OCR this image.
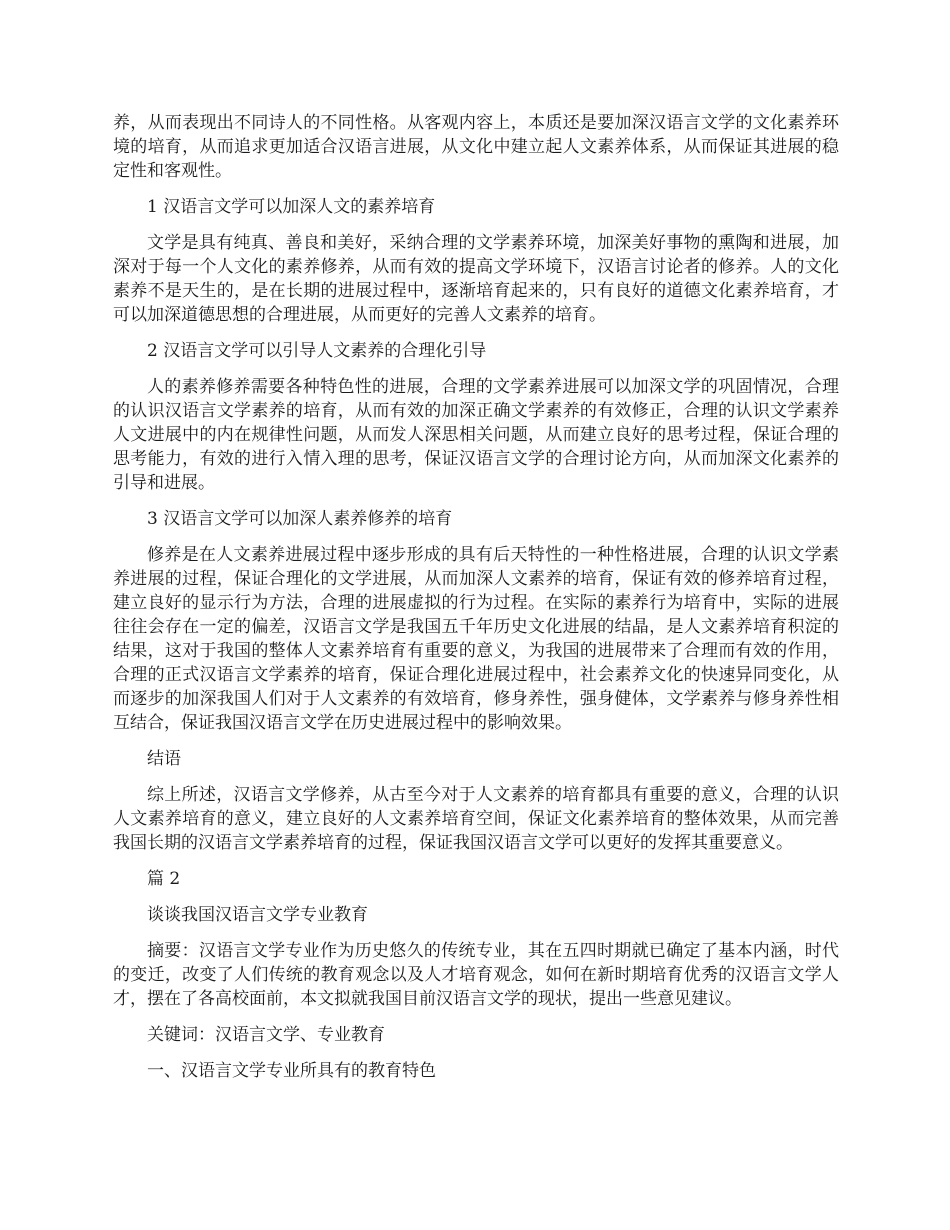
养，从而表现出不同诗人的不同性格。从客观内容上，本质还是要加深汉语言文学的文化素养环境的培育，从而追求更加适合汉语言进展，从文化中建立起人文素养体系，从而保证其进展的稳定性和客观性。

1 汉语言文学可以加深人文的素养培育

文学是具有纯真、善良和美好，采纳合理的文学素养环境，加深美好事物的熏陶和进展，加深对于每一个人文化的素养修养，从而有效的提高文学环境下，汉语言讨论者的修养。人的文化素养不是天生的，是在长期的进展过程中，逐渐培育起来的，只有良好的道德文化素养培育，才可以加深道德思想的合理进展，从而更好的完善人文素养的培育。

2 汉语言文学可以引导人文素养的合理化引导

人的素养修养需要各种特色性的进展，合理的文学素养进展可以加深文学的巩固情况，合理的认识汉语言文学素养的培育，从而有效的加深正确文学素养的有效修正，合理的认识文学素养人文进展中的内在规律性问题，从而发人深思相关问题，从而建立良好的思考过程，保证合理的思考能力，有效的进行入情入理的思考，保证汉语言文学的合理讨论方向，从而加深文化素养的引导和进展。

3 汉语言文学可以加深人素养修养的培育

修养是在人文素养进展过程中逐步形成的具有后天特性的一种性格进展，合理的认识文学素养进展的过程，保证合理化的文学进展，从而加深人文素养的培育，保证有效的修养培育过程，建立良好的显示行为方法，合理的进展虚拟的行为过程。在实际的素养行为培育中，实际的进展往往会存在一定的偏差，汉语言文学是我国五千年历史文化进展的结晶，是人文素养培育积淀的结果，这对于我国的整体人文素养培育有重要的意义，为我国的进展带来了合理而有效的作用，合理的正式汉语言文学素养的培育，保证合理化进展过程中，社会素养文化的快速异同变化，从而逐步的加深我国人们对于人文素养的有效培育，修身养性，强身健体，文学素养与修身养性相互结合，保证我国汉语言文学在历史进展过程中的影响效果。

结语

综上所述，汉语言文学修养，从古至今对于人文素养的培育都具有重要的意义，合理的认识人文素养培育的意义，建立良好的人文素养培育空间，保证文化素养培育的整体效果，从而完善我国长期的汉语言文学素养培育的过程，保证我国汉语言文学可以更好的发挥其重要意义。

篇 2

谈谈我国汉语言文学专业教育

摘要：汉语言文学专业作为历史悠久的传统专业，其在五四时期就已确定了基本内涵，时代的变迁，改变了人们传统的教育观念以及人才培育观念，如何在新时期培育优秀的汉语言文学人才，摆在了各高校面前，本文拟就我国目前汉语言文学的现状，提出一些意见建议。

关键词：汉语言文学、专业教育

一、汉语言文学专业所具有的教育特色
